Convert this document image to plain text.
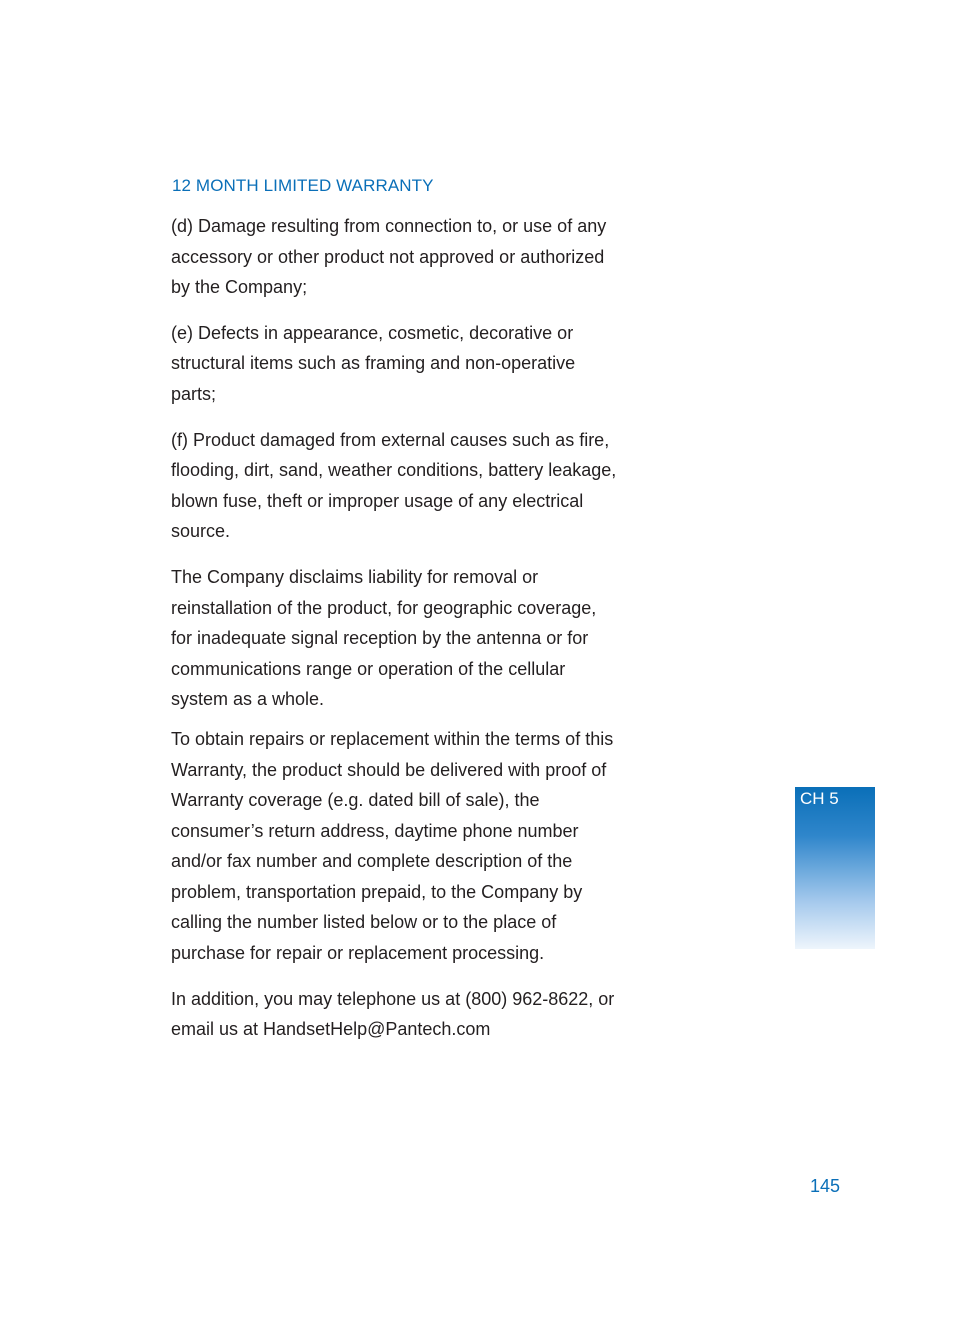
12 MONTH LIMITED WARRANTY

(d) Damage resulting from connection to, or use of any accessory or other product not approved or authorized by the Company;

(e) Defects in appearance, cosmetic, decorative or structural items such as framing and non-operative parts;

(f) Product damaged from external causes such as fire, flooding, dirt, sand, weather conditions, battery leakage, blown fuse, theft or improper usage of any electrical source.

The Company disclaims liability for removal or reinstallation of the product, for geographic coverage, for inadequate signal reception by the antenna or for communications range or operation of the cellular system as a whole.

To obtain repairs or replacement within the terms of this Warranty, the product should be delivered with proof of Warranty coverage (e.g. dated bill of sale), the consumer’s return address, daytime phone number and/or fax number and complete description of the problem, transportation prepaid, to the Company by calling the number listed below or to the place of purchase for repair or replacement processing.

In addition, you may telephone us at (800) 962-8622, or email us at HandsetHelp@Pantech.com

CH 5
145
